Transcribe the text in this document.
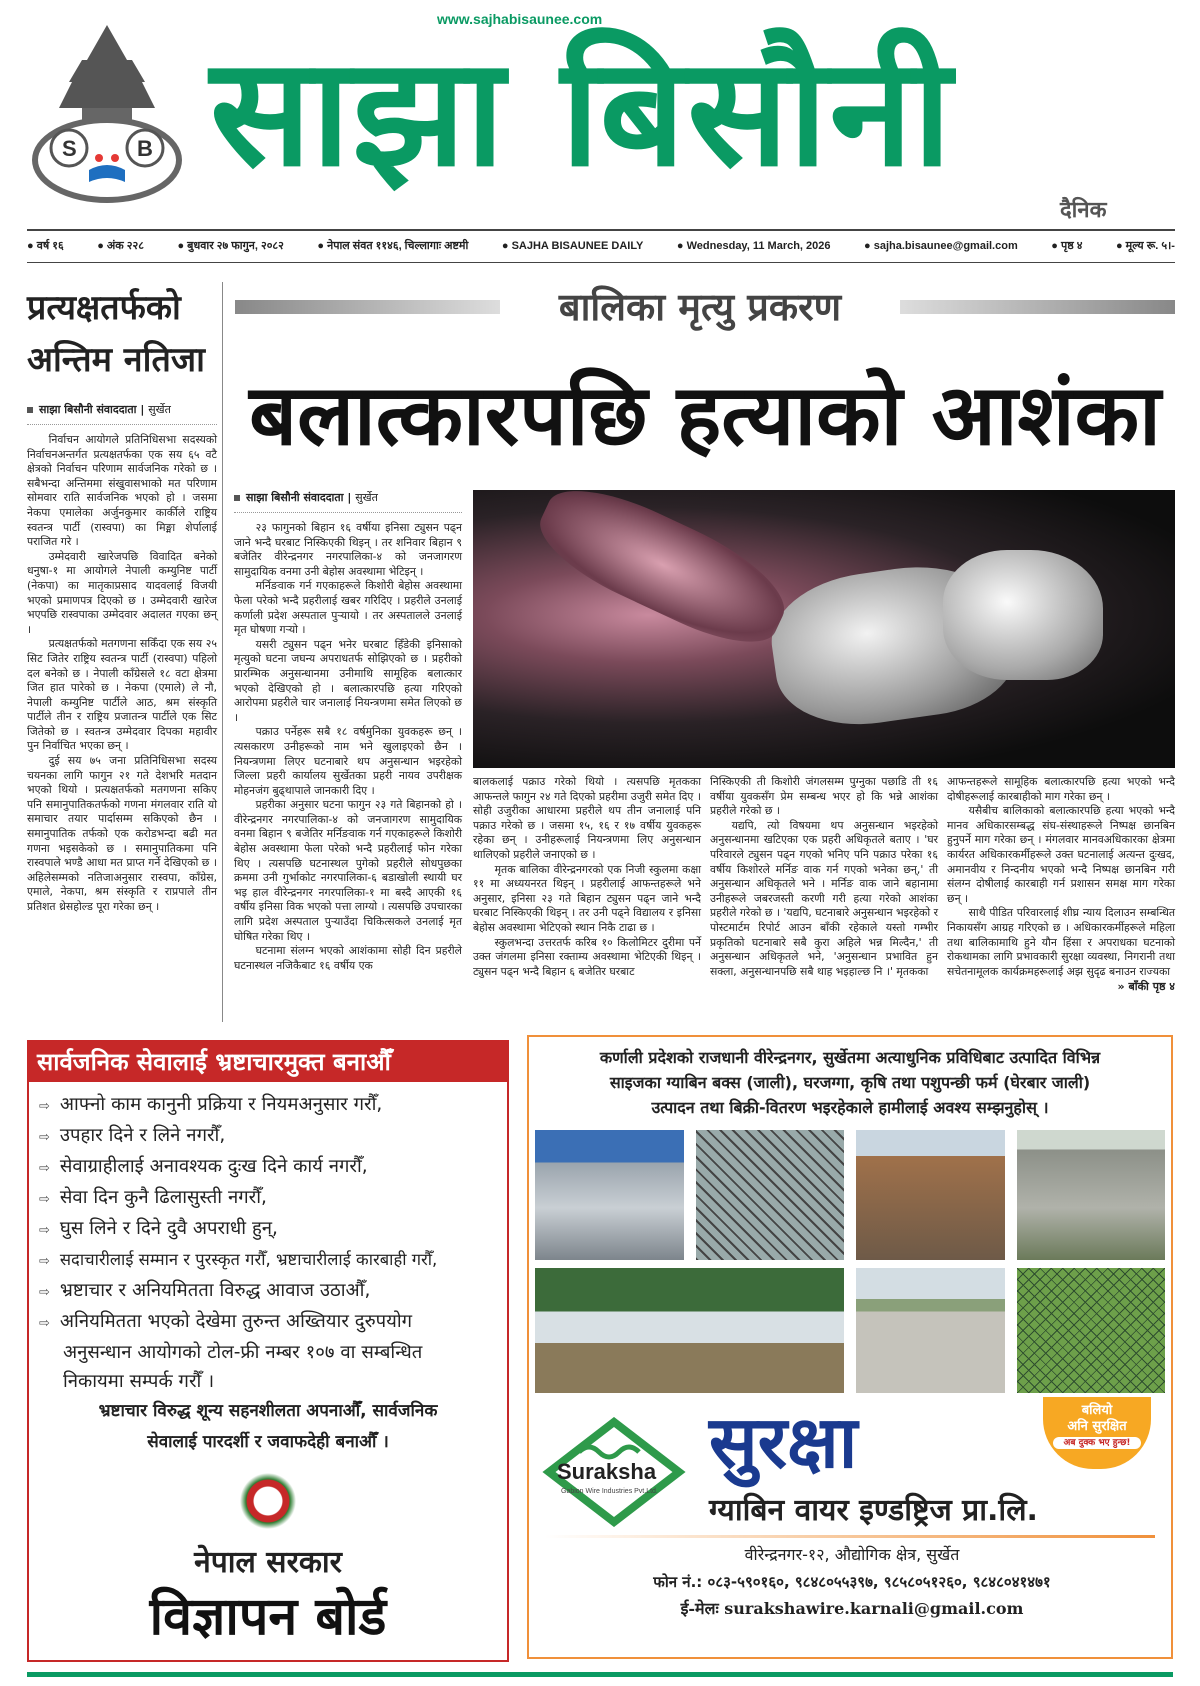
S	B
www.sajhabisaunee.com
साझा बिसौनी
दैनिक
● वर्ष १६	● अंक २२८	● बुधवार २७ फागुन, २०८२	● नेपाल संवत ११४६, चिल्लागाः अष्टमी	● SAJHA BISAUNEE DAILY	● Wednesday, 11 March, 2026	● sajha.bisaunee@gmail.com	● पृष्ठ ४	● मूल्य रू. ५।-
प्रत्यक्षतर्फको
अन्तिम नतिजा
साझा बिसौनी संवाददाता | सुर्खेत

निर्वाचन आयोगले प्रतिनिधिसभा सदस्यको निर्वाचनअन्तर्गत प्रत्यक्षतर्फका एक सय ६५ वटै क्षेत्रको निर्वाचन परिणाम सार्वजनिक गरेको छ । सबैभन्दा अन्तिममा संखुवासभाको मत परिणाम सोमवार राति सार्वजनिक भएको हो । जसमा नेकपा एमालेका अर्जुनकुमार कार्कीले राष्ट्रिय स्वतन्त्र पार्टी (रास्वपा) का मिङ्मा शेर्पालाई पराजित गरे ।

उम्मेदवारी खारेजपछि विवादित बनेको धनुषा-१ मा आयोगले नेपाली कम्युनिष्ट पार्टी (नेकपा) का मातृकाप्रसाद यादवलाई विजयी भएको प्रमाणपत्र दिएको छ । उम्मेदवारी खारेज भएपछि रास्वपाका उम्मेदवार अदालत गएका छन् ।

प्रत्यक्षतर्फको मतगणना सकिँदा एक सय २५ सिट जितेर राष्ट्रिय स्वतन्त्र पार्टी (रास्वपा) पहिलो दल बनेको छ । नेपाली काँग्रेसले १८ वटा क्षेत्रमा जित हात पारेको छ । नेकपा (एमाले) ले नौ, नेपाली कम्युनिष्ट पार्टीले आठ, श्रम संस्कृति पार्टीले तीन र राष्ट्रिय प्रजातन्त्र पार्टीले एक सिट जितेको छ । स्वतन्त्र उम्मेदवार दिपका महावीर पुन निर्वाचित भएका छन् ।

दुई सय ७५ जना प्रतिनिधिसभा सदस्य चयनका लागि फागुन २१ गते देशभरि मतदान भएको थियो । प्रत्यक्षतर्फको मतगणना सकिए पनि समानुपातिकतर्फको गणना मंगलवार राति यो समाचार तयार पार्दासम्म सकिएको छैन । समानुपातिक तर्फको एक करोडभन्दा बढी मत गणना भइसकेको छ । समानुपातिकमा पनि रास्वपाले भण्डै आधा मत प्राप्त गर्ने देखिएको छ । अहिलेसम्मको नतिजाअनुसार रास्वपा, काँग्रेस, एमाले, नेकपा, श्रम संस्कृति र राप्रपाले तीन प्रतिशत थ्रेसहोल्ड पूरा गरेका छन् ।

बालिका मृत्यु प्रकरण
बलात्कारपछि हत्याको आशंका
साझा बिसौनी संवाददाता | सुर्खेत

२३ फागुनको बिहान १६ वर्षीया इनिसा ट्युसन पढ्न जाने भन्दै घरबाट निस्किएकी थिइन् । तर शनिवार बिहान ९ बजेतिर वीरेन्द्रनगर नगरपालिका-४ को जनजागरण सामुदायिक वनमा उनी बेहोस अवस्थामा भेटिइन् ।

मर्निङवाक गर्न गएकाहरूले किशोरी बेहोस अवस्थामा फेला परेको भन्दै प्रहरीलाई खबर गरिदिए । प्रहरीले उनलाई कर्णाली प्रदेश अस्पताल पुऱ्यायो । तर अस्पतालले उनलाई मृत घोषणा गऱ्यो ।

यसरी ट्युसन पढ्न भनेर घरबाट हिँडेकी इनिसाको मृत्युको घटना जघन्य अपराधतर्फ सोझिएको छ । प्रहरीको प्रारम्भिक अनुसन्धानमा उनीमाथि सामूहिक बलात्कार भएको देखिएको हो । बलात्कारपछि हत्या गरिएको आरोपमा प्रहरीले चार जनालाई नियन्त्रणमा समेत लिएको छ ।

पक्राउ पर्नेहरू सबै १८ वर्षमुनिका युवकहरू छन् । त्यसकारण उनीहरूको नाम भने खुलाइएको छैन । नियन्त्रणमा लिएर घटनाबारे थप अनुसन्धान भइरहेको जिल्ला प्रहरी कार्यालय सुर्खेतका प्रहरी नायव उपरीक्षक मोहनजंग बुढ्थापाले जानकारी दिए ।

प्रहरीका अनुसार घटना फागुन २३ गते बिहानको हो । वीरेन्द्रनगर नगरपालिका-४ को जनजागरण सामुदायिक वनमा बिहान ९ बजेतिर मर्निङवाक गर्न गएकाहरूले किशोरी बेहोस अवस्थामा फेला परेको भन्दै प्रहरीलाई फोन गरेका थिए । त्यसपछि घटनास्थल पुगेको प्रहरीले सोधपुछका क्रममा उनी गुर्भाकोट नगरपालिका-६ बडाखोली स्थायी घर भइ हाल वीरेन्द्रनगर नगरपालिका-१ मा बस्दै आएकी १६ वर्षीय इनिसा विक भएको पत्ता लाग्यो । त्यसपछि उपचारका लागि प्रदेश अस्पताल पुऱ्याउँदा चिकित्सकले उनलाई मृत घोषित गरेका थिए ।

घटनामा संलग्न भएको आशंकामा सोही दिन प्रहरीले घटनास्थल नजिकैबाट १६ वर्षीय एक

बालकलाई पक्राउ गरेको थियो । त्यसपछि मृतकका आफन्तले फागुन २४ गते दिएको प्रहरीमा उजुरी समेत दिए । सोही उजुरीका आधारमा प्रहरीले थप तीन जनालाई पनि पक्राउ गरेको छ । जसमा १५, १६ र १७ वर्षीय युवकहरू रहेका छन् । उनीहरूलाई नियन्त्रणमा लिए अनुसन्धान थालिएको प्रहरीले जनाएको छ ।

मृतक बालिका वीरेन्द्रनगरको एक निजी स्कुलमा कक्षा ११ मा अध्ययनरत थिइन् । प्रहरीलाई आफन्तहरूले भने अनुसार, इनिसा २३ गते बिहान ट्युसन पढ्न जाने भन्दै घरबाट निस्किएकी थिइन् । तर उनी पढ्ने विद्यालय र इनिसा बेहोस अवस्थामा भेटिएको स्थान निकै टाढा छ ।

स्कुलभन्दा उत्तरतर्फ करिब १० किलोमिटर दुरीमा पर्ने उक्त जंगलमा इनिसा रक्ताम्य अवस्थामा भेटिएकी थिइन् । ट्युसन पढ्न भन्दै बिहान ६ बजेतिर घरबाट

निस्किएकी ती किशोरी जंगलसम्म पुग्नुका पछाडि ती १६ वर्षीया युवकसँग प्रेम सम्बन्ध भएर हो कि भन्ने आशंका प्रहरीले गरेको छ ।

यद्यपि, त्यो विषयमा थप अनुसन्धान भइरहेको अनुसन्धानमा खटिएका एक प्रहरी अधिकृतले बताए । 'घर परिवारले ट्युसन पढ्न गएको भनिए पनि पक्राउ परेका १६ वर्षीय किशोरले मर्निङ वाक गर्न गएको भनेका छन्,' ती अनुसन्धान अधिकृतले भने । मर्निङ वाक जाने बहानामा उनीहरूले जबरजस्ती करणी गरी हत्या गरेको आशंका प्रहरीले गरेको छ । 'यद्यपि, घटनाबारे अनुसन्धान भइरहेको र पोस्टमार्टम रिपोर्ट आउन बाँकी रहेकाले यस्तो गम्भीर प्रकृतिको घटनाबारे सबै कुरा अहिले भन्न मिल्दैन,' ती अनुसन्धान अधिकृतले भने, 'अनुसन्धान प्रभावित हुन सक्ला, अनुसन्धानपछि सबै थाह भइहाल्छ नि ।' मृतकका

आफन्तहरूले सामूहिक बलात्कारपछि हत्या भएको भन्दै दोषीहरूलाई कारबाहीको माग गरेका छन् ।

यसैबीच बालिकाको बलात्कारपछि हत्या भएको भन्दै मानव अधिकारसम्बद्ध संघ-संस्थाहरूले निष्पक्ष छानबिन हुनुपर्ने माग गरेका छन् । मंगलवार मानवअधिकारका क्षेत्रमा कार्यरत अधिकारकर्मीहरूले उक्त घटनालाई अत्यन्त दुःखद, अमानवीय र निन्दनीय भएको भन्दै निष्पक्ष छानबिन गरी संलग्न दोषीलाई कारबाही गर्न प्रशासन समक्ष माग गरेका छन् ।

साथै पीडित परिवारलाई शीघ्र न्याय दिलाउन सम्बन्धित निकायसँग आग्रह गरिएको छ । अधिकारकर्मीहरूले महिला तथा बालिकामाथि हुने यौन हिंसा र अपराधका घटनाको रोकथामका लागि प्रभावकारी सुरक्षा व्यवस्था, निगरानी तथा सचेतनामूलक कार्यक्रमहरूलाई अझ सुदृढ बनाउन राज्यका

» बाँकी पृष्ठ ४

सार्वजनिक सेवालाई भ्रष्टाचारमुक्त बनाऔँ
⇨ आफ्नो काम कानुनी प्रक्रिया र नियमअनुसार गरौँ,
⇨ उपहार दिने र लिने नगरौँ,
⇨ सेवाग्राहीलाई अनावश्यक दुःख दिने कार्य नगरौँ,
⇨ सेवा दिन कुनै ढिलासुस्ती नगरौँ,
⇨ घुस लिने र दिने दुवै अपराधी हुन्,
⇨ सदाचारीलाई सम्मान र पुरस्कृत गरौँ, भ्रष्टाचारीलाई कारबाही गरौँ,
⇨ भ्रष्टाचार र अनियमितता विरुद्ध आवाज उठाऔँ,
⇨ अनियमितता भएको देखेमा तुरुन्त अख्तियार दुरुपयोग
अनुसन्धान आयोगको टोल-फ्री नम्बर १०७ वा सम्बन्धित
निकायमा सम्पर्क गरौँ ।
भ्रष्टाचार विरुद्ध शून्य सहनशीलता अपनाऔँ, सार्वजनिक
सेवालाई पारदर्शी र जवाफदेही बनाऔँ ।
नेपाल सरकार
विज्ञापन बोर्ड
कर्णाली प्रदेशको राजधानी वीरेन्द्रनगर, सुर्खेतमा अत्याधुनिक प्रविधिबाट उत्पादित विभिन्न
साइजका ग्याबिन बक्स (जाली), घरजग्गा, कृषि तथा पशुपन्छी फर्म (घेरबार जाली)
उत्पादन तथा बिक्री-वितरण भइरहेकाले हामीलाई अवश्य सम्झनुहोस् ।
Suraksha
Gabion Wire Industries Pvt.Ltd.
सुरक्षा	बलियो
अनि सुरक्षित
अब दुक्क भए हुन्छ!
ग्याबिन वायर इण्डष्ट्रिज प्रा.लि.
वीरेन्द्रनगर-१२, औद्योगिक क्षेत्र, सुर्खेत
फोन नं.: ०८३-५९०१६०, ९८४८०५५३९७, ९८५८०५१२६०, ९८४८०४१४७१
ई-मेलः surakshawire.karnali@gmail.com
